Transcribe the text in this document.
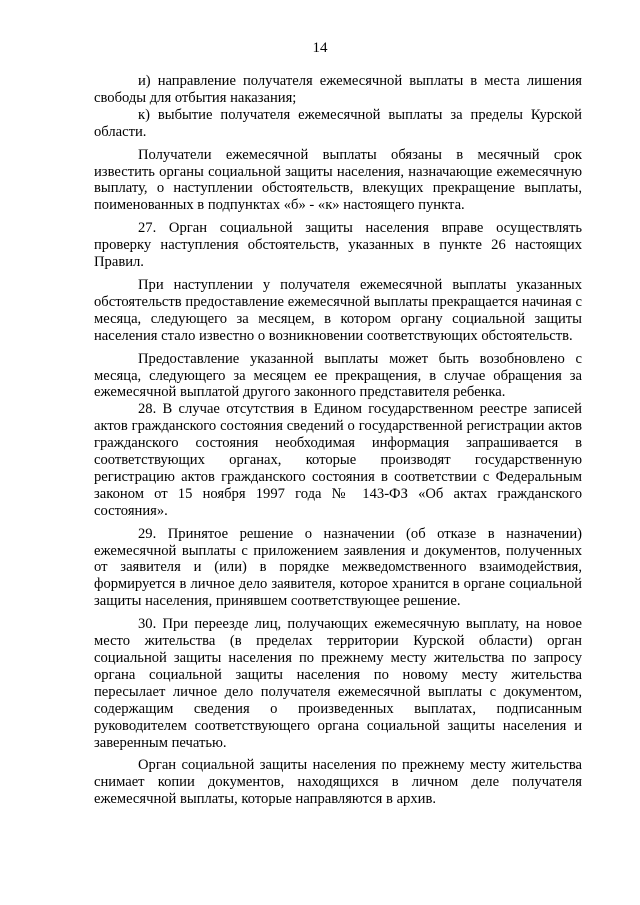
14

и) направление получателя ежемесячной выплаты в места лишения свободы для отбытия наказания;

к) выбытие получателя ежемесячной выплаты за пределы Курской области.

Получатели ежемесячной выплаты обязаны в месячный срок известить органы социальной защиты населения, назначающие ежемесячную выплату, о наступлении обстоятельств, влекущих прекращение выплаты, поименованных в подпунктах «б» - «к» настоящего пункта.

27. Орган социальной защиты населения вправе осуществлять проверку наступления обстоятельств, указанных в пункте 26 настоящих Правил.

При наступлении у получателя ежемесячной выплаты указанных обстоятельств предоставление ежемесячной выплаты прекращается начиная с месяца, следующего за месяцем, в котором органу социальной защиты населения стало известно о возникновении соответствующих обстоятельств.

Предоставление указанной выплаты может быть возобновлено с месяца, следующего за месяцем ее прекращения, в случае обращения за ежемесячной выплатой другого законного представителя ребенка.

28. В случае отсутствия в Едином государственном реестре записей актов гражданского состояния сведений о государственной регистрации актов гражданского состояния необходимая информация запрашивается в соответствующих органах, которые производят государственную регистрацию актов гражданского состояния в соответствии с Федеральным законом от 15 ноября 1997 года № 143-ФЗ «Об актах гражданского состояния».

29. Принятое решение о назначении (об отказе в назначении) ежемесячной выплаты с приложением заявления и документов, полученных от заявителя и (или) в порядке межведомственного взаимодействия, формируется в личное дело заявителя, которое хранится в органе социальной защиты населения, принявшем соответствующее решение.

30. При переезде лиц, получающих ежемесячную выплату, на новое место жительства (в пределах территории Курской области) орган социальной защиты населения по прежнему месту жительства по запросу органа социальной защиты населения по новому месту жительства пересылает личное дело получателя ежемесячной выплаты с документом, содержащим сведения о произведенных выплатах, подписанным руководителем соответствующего органа социальной защиты населения и заверенным печатью.

Орган социальной защиты населения по прежнему месту жительства снимает копии документов, находящихся в личном деле получателя ежемесячной выплаты, которые направляются в архив.
